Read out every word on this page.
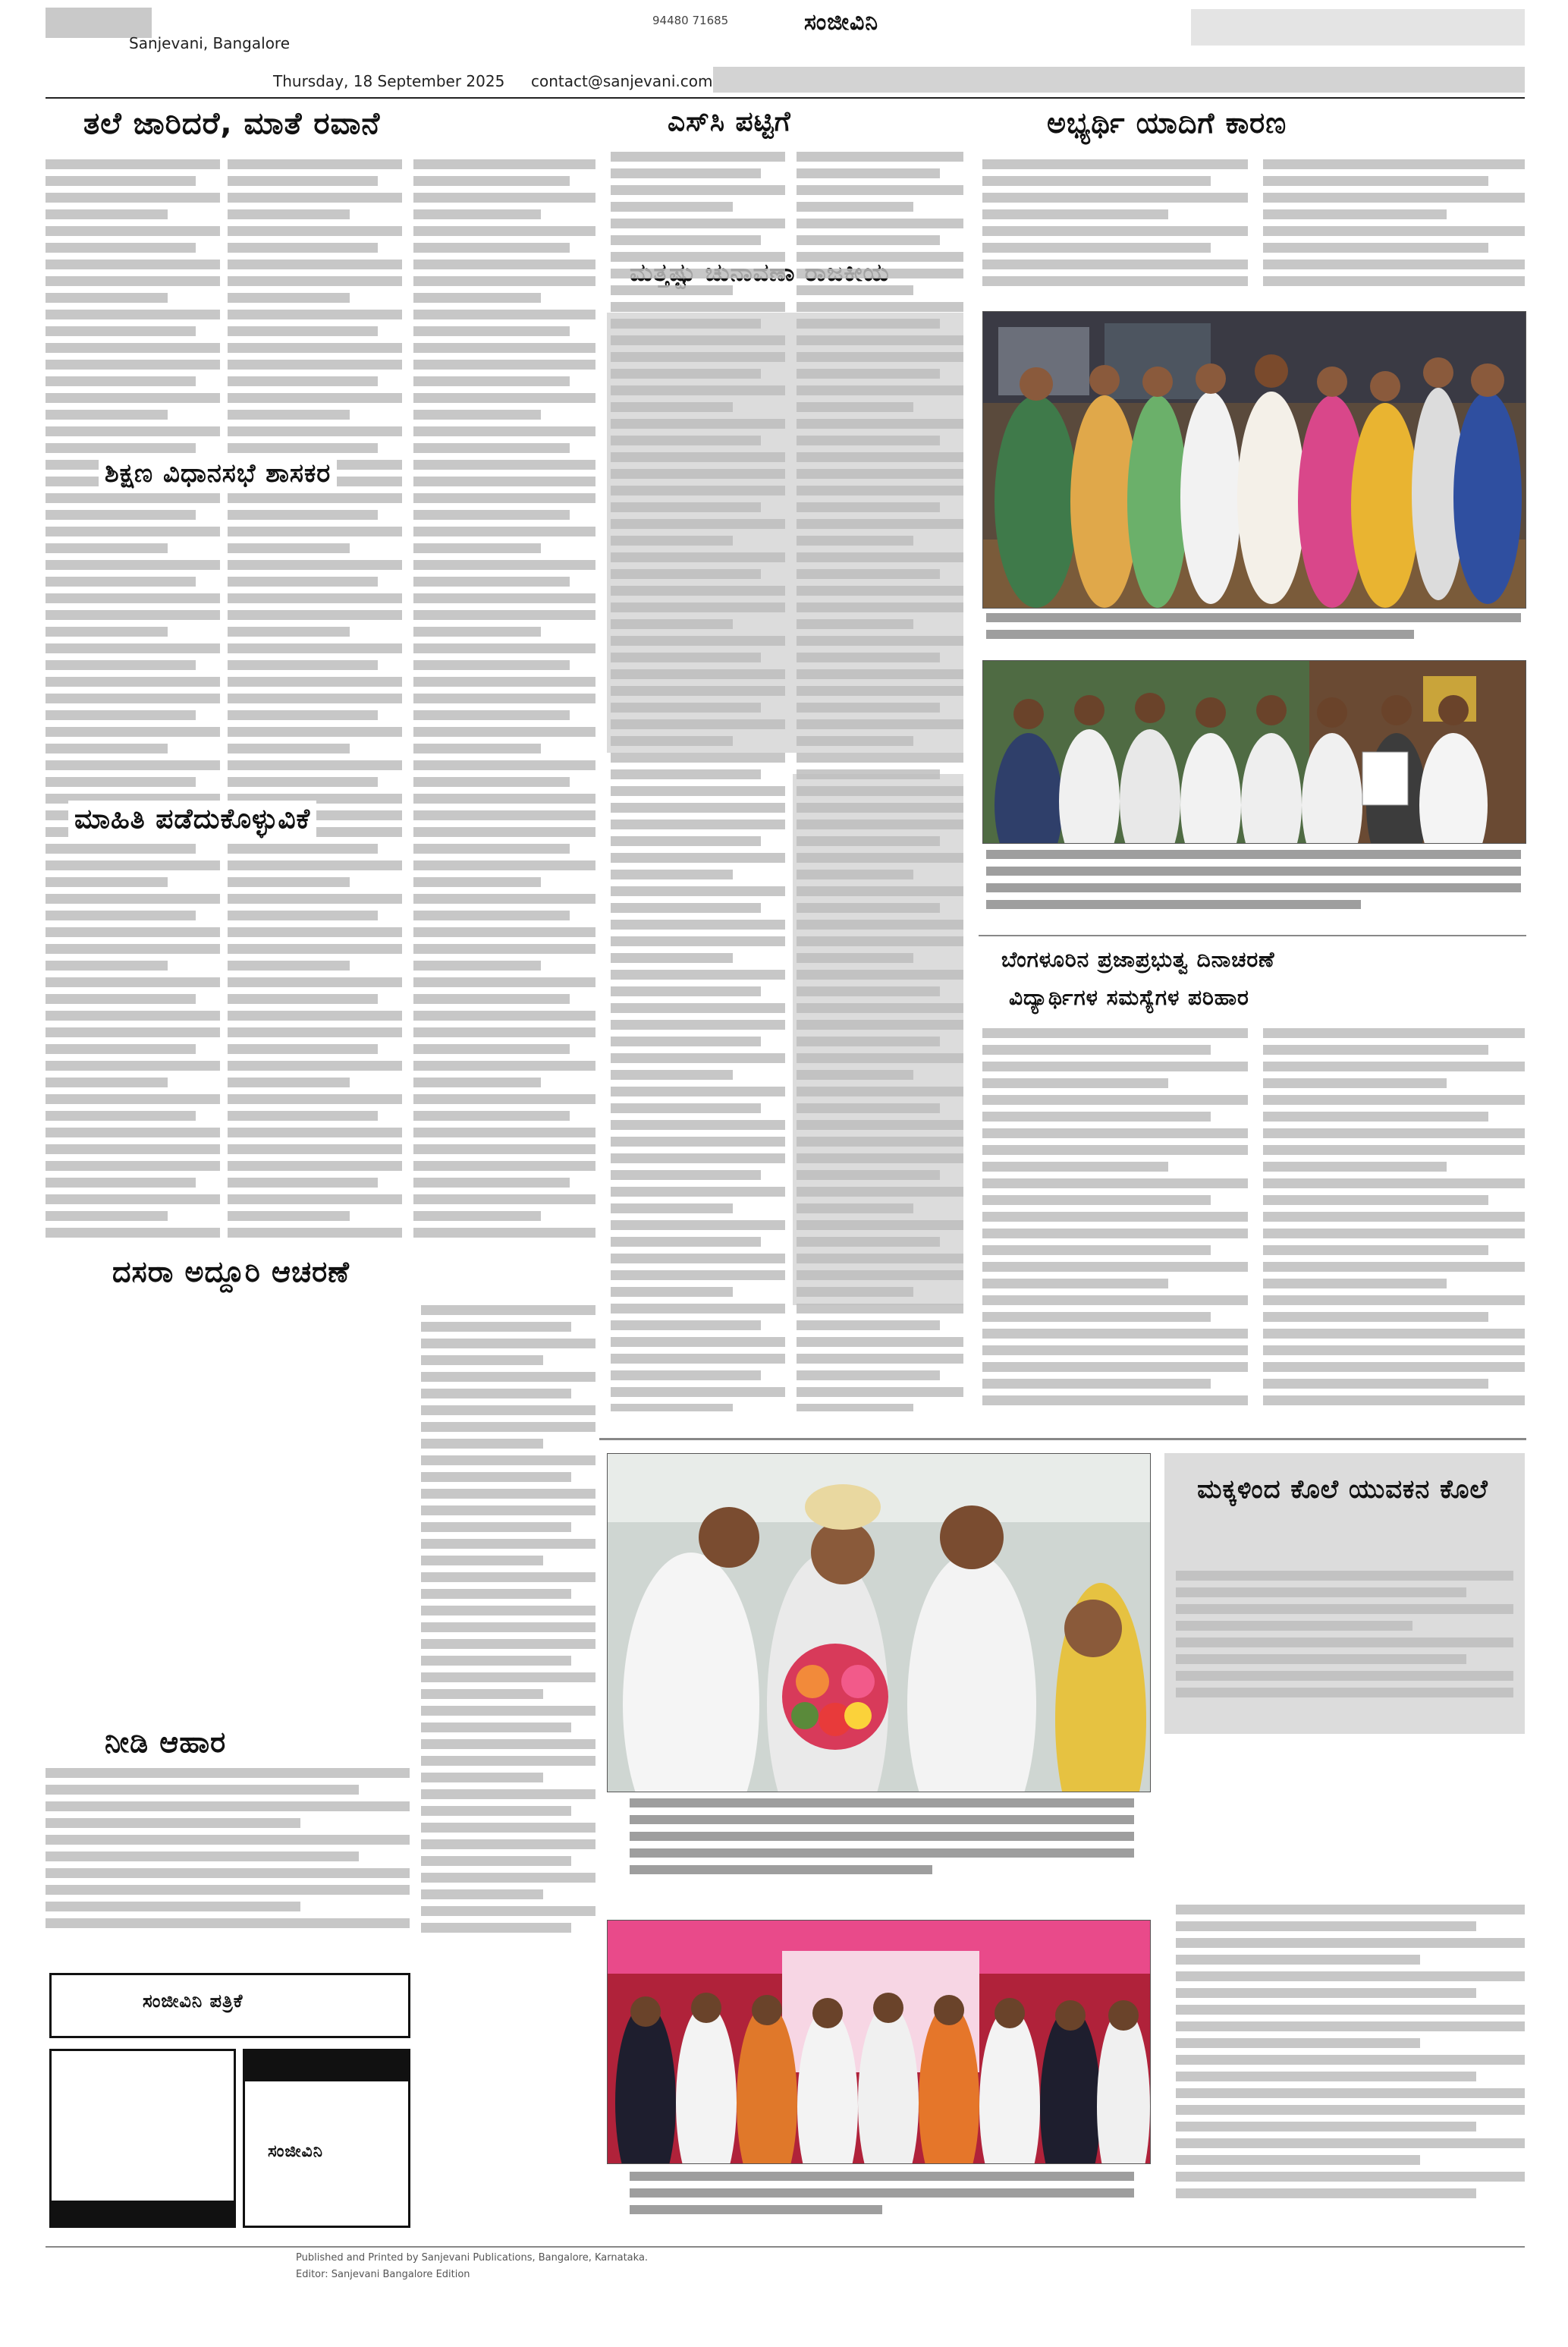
Sanjevani, Bangalore
Thursday, 18 September 2025 contact@sanjevani.com
94480 71685	ಸಂಜೀವಿನಿ
ತಲೆ ಜಾರಿದರೆ, ಮಾತೆ ರವಾನೆ
ಶಿಕ್ಷಣ ವಿಧಾನಸಭೆ ಶಾಸಕರ
ಮಾಹಿತಿ ಪಡೆದುಕೊಳ್ಳುವಿಕೆ
ದಸರಾ ಅದ್ದೂರಿ ಆಚರಣೆ
ನೀಡಿ ಆಹಾರ
ಸಂಜೀವಿನಿ ಪತ್ರಿಕೆ
ಸಂಜೀವಿನಿ
ಎಸ್‌ಸಿ ಪಟ್ಟಿಗೆ	ಅಭ್ಯರ್ಥಿ ಯಾದಿಗೆ ಕಾರಣ
ಬೆಂಗಳೂರಿನ ಪ್ರಜಾಪ್ರಭುತ್ವ ದಿನಾಚರಣೆ
ವಿದ್ಯಾರ್ಥಿಗಳ ಸಮಸ್ಯೆಗಳ ಪರಿಹಾರ
ಮಕ್ಕಳಿಂದ ಕೊಲೆ ಯುವಕನ ಕೊಲೆ
Published and Printed by Sanjevani Publications, Bangalore, Karnataka.
Editor: Sanjevani Bangalore Edition
